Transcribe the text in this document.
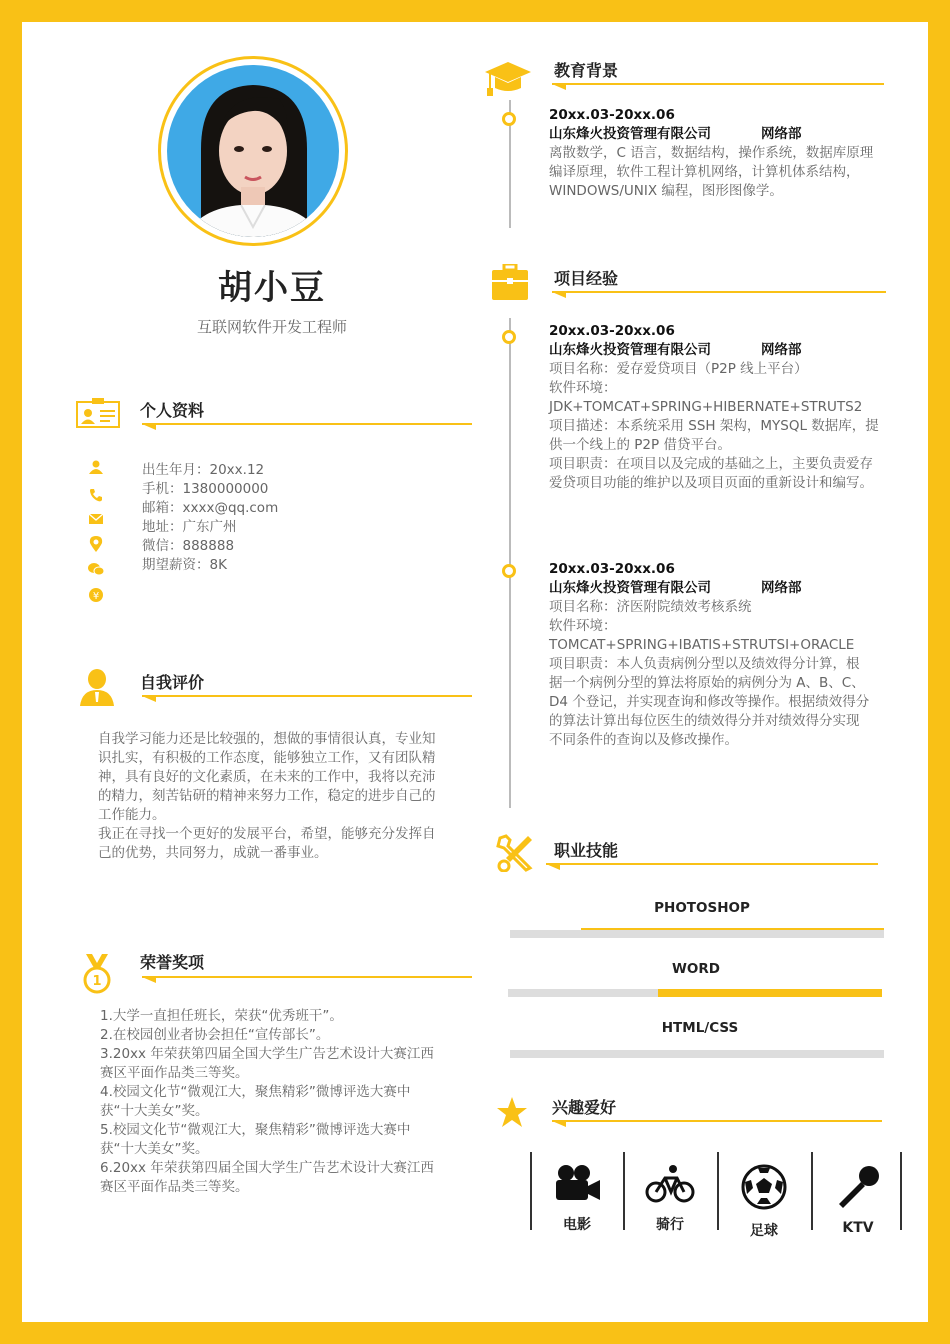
胡小豆
互联网软件开发工程师
个人资料
¥
出生年月：20xx.12
手机：1380000000
邮箱：xxxx@qq.com
地址：广东广州
微信：888888
期望薪资：8K
自我评价
自我学习能力还是比较强的，想做的事情很认真，专业知
识扎实，有积极的工作态度，能够独立工作，又有团队精
神，具有良好的文化素质，在未来的工作中，我将以充沛
的精力，刻苦钻研的精神来努力工作，稳定的进步自己的
工作能力。
我正在寻找一个更好的发展平台，希望，能够充分发挥自
己的优势，共同努力，成就一番事业。
1
荣誉奖项
1.大学一直担任班长，荣获“优秀班干”。
2.在校园创业者协会担任“宣传部长”。
3.20xx 年荣获第四届全国大学生广告艺术设计大赛江西
赛区平面作品类三等奖。
4.校园文化节“微观江大，聚焦精彩”微博评选大赛中
获“十大美女”奖。
5.校园文化节“微观江大，聚焦精彩”微博评选大赛中
获“十大美女”奖。
6.20xx 年荣获第四届全国大学生广告艺术设计大赛江西
赛区平面作品类三等奖。
教育背景
20xx.03-20xx.06
山东烽火投资管理有限公司	网络部
离散数学，C 语言，数据结构，操作系统，数据库原理
编译原理，软件工程计算机网络，计算机体系结构，
WINDOWS/UNIX 编程，图形图像学。
项目经验
20xx.03-20xx.06
山东烽火投资管理有限公司	网络部
项目名称：爱存爱贷项目（P2P 线上平台）
软件环境：
JDK+TOMCAT+SPRING+HIBERNATE+STRUTS2
项目描述：本系统采用 SSH 架构，MYSQL 数据库，提
供一个线上的 P2P 借贷平台。
项目职责：在项目以及完成的基础之上，主要负责爱存
爱贷项目功能的维护以及项目页面的重新设计和编写。
20xx.03-20xx.06
山东烽火投资管理有限公司	网络部
项目名称：济医附院绩效考核系统
软件环境：
TOMCAT+SPRING+IBATIS+STRUTSI+ORACLE
项目职责：本人负责病例分型以及绩效得分计算，根
据一个病例分型的算法将原始的病例分为 A、B、C、
D4 个登记，并实现查询和修改等操作。根据绩效得分
的算法计算出每位医生的绩效得分并对绩效得分实现
不同条件的查询以及修改操作。
职业技能
PHOTOSHOP
WORD
HTML/CSS
兴趣爱好
电影	骑行	足球	KTV
